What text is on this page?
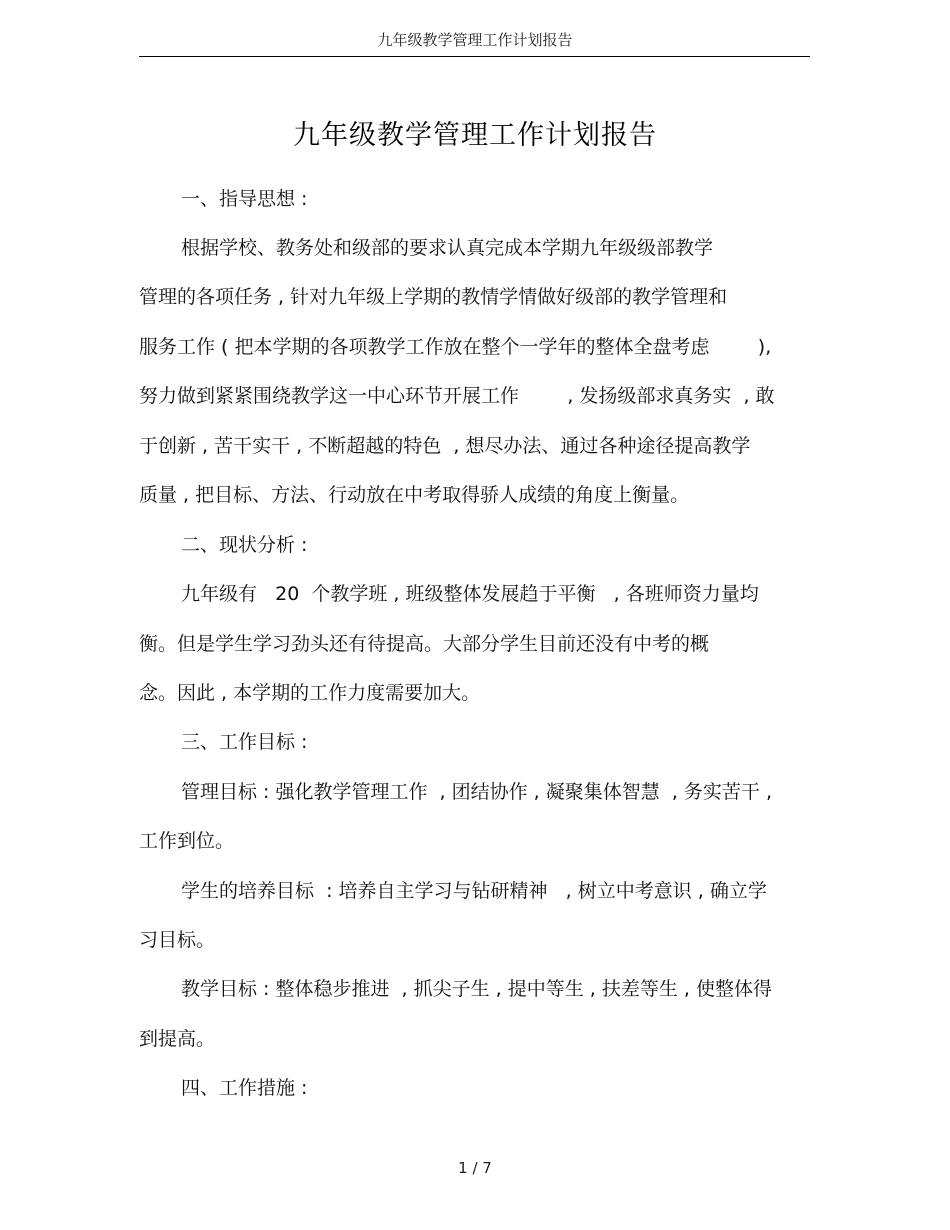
九年级教学管理工作计划报告
九年级教学管理工作计划报告
一、指导思想 :
根据学校、教务处和级部的要求认真完成本学期九年级级部教学
管理的各项任务 , 针对九年级上学期的教情学情做好级部的教学管理和
服务工作 ( 把本学期的各项教学工作放在整个一学年的整体全盘考虑        ),
努力做到紧紧围绕教学这一中心环节开展工作        , 发扬级部求真务实  , 敢
于创新 , 苦干实干 , 不断超越的特色  , 想尽办法、通过各种途径提高教学
质量 , 把目标、方法、行动放在中考取得骄人成绩的角度上衡量。
二、现状分析 :
九年级有   20  个教学班 , 班级整体发展趋于平衡   , 各班师资力量均
衡。但是学生学习劲头还有待提高。大部分学生目前还没有中考的概
念。因此 , 本学期的工作力度需要加大。
三、工作目标 :
管理目标 : 强化教学管理工作  , 团结协作 , 凝聚集体智慧  , 务实苦干 ,
工作到位。
学生的培养目标  : 培养自主学习与钻研精神   , 树立中考意识 , 确立学
习目标。
教学目标 : 整体稳步推进  , 抓尖子生 , 提中等生 , 扶差等生 , 使整体得
到提高。
四、工作措施 :
1 / 7
